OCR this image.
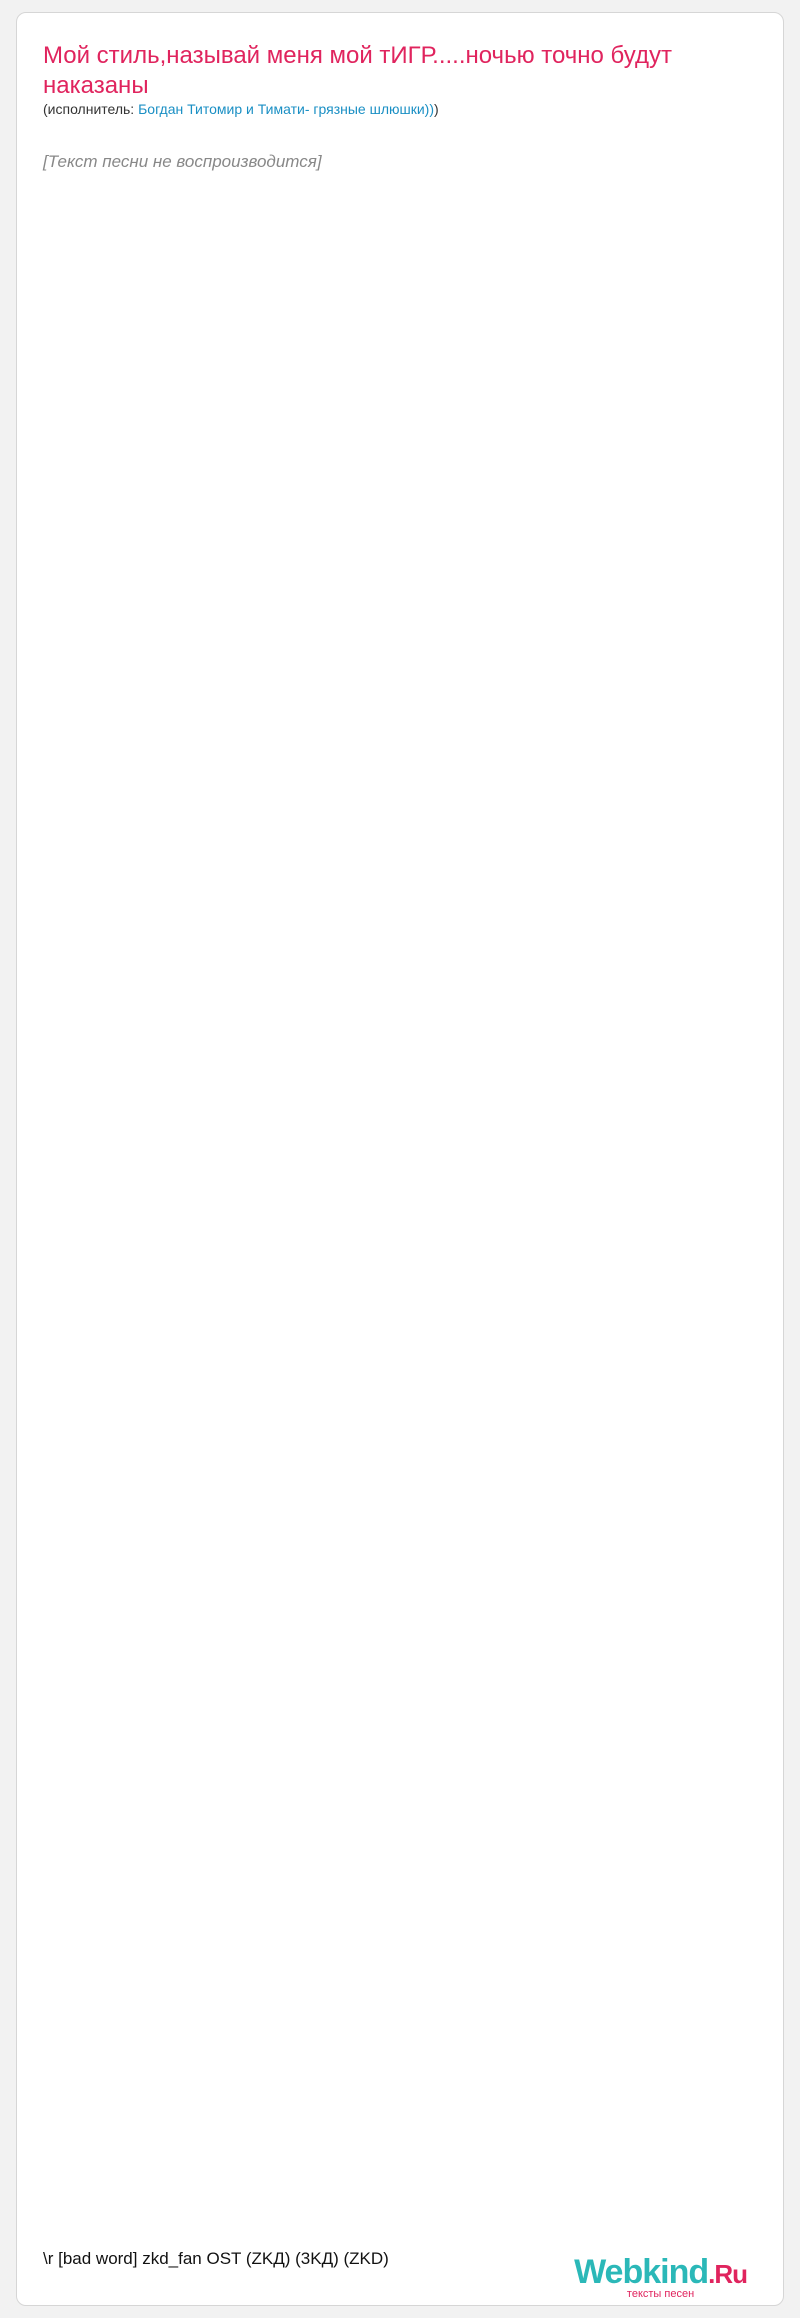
Мой стиль,называй меня мой тИГР.....ночью точно будут наказаны
(исполнитель: Богдан Титомир и Тимати- грязные шлюшки)))
[Текст песни не воспроизводится]
\r [bad word] zkd_fan OST (ZKД) (3KД) (ZKD)	Webkind.Ru
тексты песен
